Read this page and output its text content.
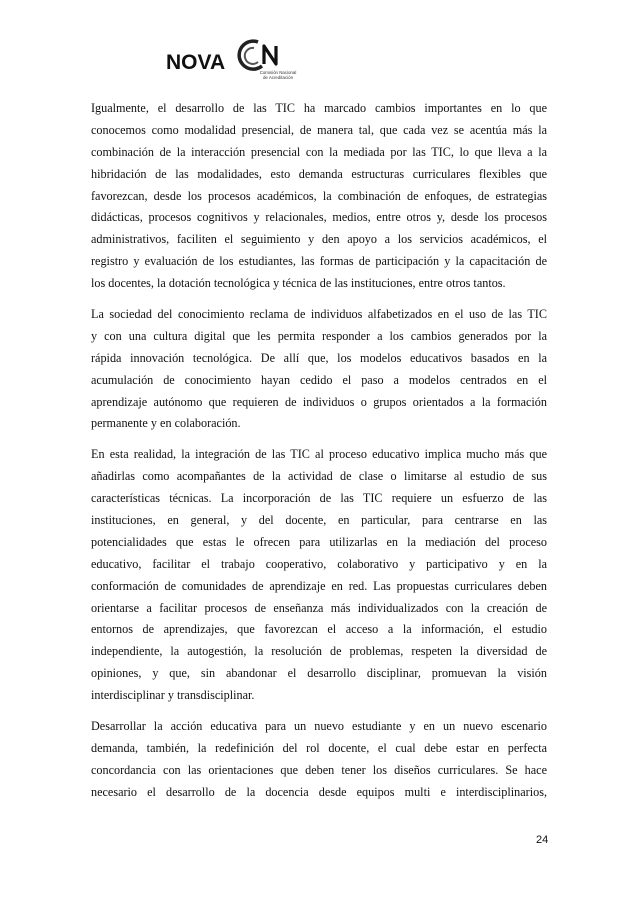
NOVA	Comisión Nacional
de Acreditación
Igualmente, el desarrollo de las TIC ha marcado cambios importantes en lo que
conocemos como modalidad presencial, de manera tal, que cada vez se acentúa más la
combinación de la interacción presencial con la mediada por las TIC, lo que lleva a la
hibridación de las modalidades, esto demanda estructuras curriculares flexibles que
favorezcan, desde los procesos académicos, la combinación de enfoques, de estrategias
didácticas, procesos cognitivos y relacionales, medios, entre otros y, desde los procesos
administrativos, faciliten el seguimiento y den apoyo a los servicios académicos, el
registro y evaluación de los estudiantes, las formas de participación y la capacitación de
los docentes, la dotación tecnológica y técnica de las instituciones, entre otros tantos.
La sociedad del conocimiento reclama de individuos alfabetizados en el uso de las TIC
y con una cultura digital que les permita responder a los cambios generados por la
rápida innovación tecnológica. De allí que, los modelos educativos basados en la
acumulación de conocimiento hayan cedido el paso a modelos centrados en el
aprendizaje autónomo que requieren de individuos o grupos orientados a la formación
permanente y en colaboración.
En esta realidad, la integración de las TIC al proceso educativo implica mucho más que
añadirlas como acompañantes de la actividad de clase o limitarse al estudio de sus
características técnicas. La incorporación de las TIC requiere un esfuerzo de las
instituciones, en general, y del docente, en particular, para centrarse en las
potencialidades que estas le ofrecen para utilizarlas en la mediación del proceso
educativo, facilitar el trabajo cooperativo, colaborativo y participativo y en la
conformación de comunidades de aprendizaje en red. Las propuestas curriculares deben
orientarse a facilitar procesos de enseñanza más individualizados con la creación de
entornos de aprendizajes, que favorezcan el acceso a la información, el estudio
independiente, la autogestión, la resolución de problemas, respeten la diversidad de
opiniones, y que, sin abandonar el desarrollo disciplinar, promuevan la visión
interdisciplinar y transdisciplinar.
Desarrollar la acción educativa para un nuevo estudiante y en un nuevo escenario
demanda, también, la redefinición del rol docente, el cual debe estar en perfecta
concordancia con las orientaciones que deben tener los diseños curriculares. Se hace
necesario el desarrollo de la docencia desde equipos multi e interdisciplinarios,
24
